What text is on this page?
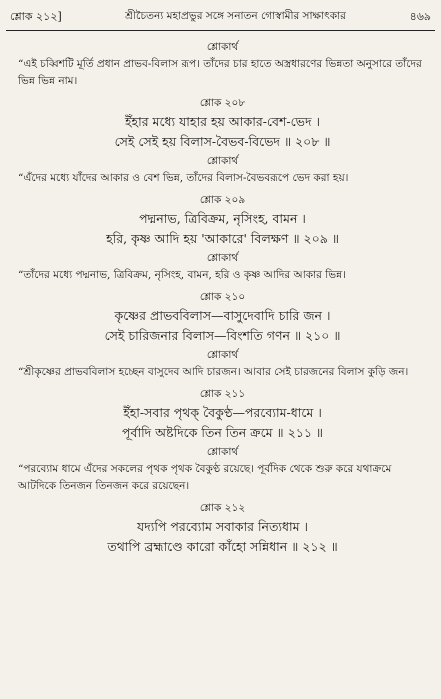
শ্লোক ২১২]	শ্রীচৈতন্য মহাপ্রভুর সঙ্গে সনাতন গোস্বামীর সাক্ষাৎকার	৪৬৯
শ্লোকার্থ
“এই চব্বিশটি মূর্তি প্রধান প্রাভব-বিলাস রূপ। তাঁদের চার হাতে অস্ত্রধারণের ভিন্নতা অনুসারে তাঁদের ভিন্ন ভিন্ন নাম।
শ্লোক ২০৮
ইঁহার মধ্যে যাহার হয় আকার-বেশ-ভেদ ।
সেই সেই হয় বিলাস-বৈভব-বিভেদ ॥ ২০৮ ॥
শ্লোকার্থ
“এঁদের মধ্যে যাঁদের আকার ও বেশ ভিন্ন, তাঁদের বিলাস-বৈভবরূপে ভেদ করা হয়।
শ্লোক ২০৯
পদ্মনাভ, ত্রিবিক্রম, নৃসিংহ, বামন ।
হরি, কৃষ্ণ আদি হয় 'আকারে' বিলক্ষণ ॥ ২০৯ ॥
শ্লোকার্থ
“তাঁদের মধ্যে পদ্মনাভ, ত্রিবিক্রম, নৃসিংহ, বামন, হরি ও কৃষ্ণ আদির আকার ভিন্ন।
শ্লোক ২১০
কৃষ্ণের প্রাভববিলাস—বাসুদেবাদি চারি জন ।
সেই চারিজনার বিলাস—বিংশতি গণন ॥ ২১০ ॥
শ্লোকার্থ
“শ্রীকৃষ্ণের প্রাভববিলাস হচ্ছেন বাসুদেব আদি চারজন। আবার সেই চারজনের বিলাস কুড়ি জন।
শ্লোক ২১১
ইঁহা-সবার পৃথক্ বৈকুণ্ঠ—পরব্যোম-ধামে ।
পূর্বাদি অষ্টদিকে তিন তিন ক্রমে ॥ ২১১ ॥
শ্লোকার্থ
“পরব্যোম ধামে এঁদের সকলের পৃথক পৃথক বৈকুণ্ঠ রয়েছে। পূর্বদিক থেকে শুরু করে যথাক্রমে আটদিকে তিনজন তিনজন করে রয়েছেন।
শ্লোক ২১২
যদ্যপি পরব্যোম সবাকার নিত্যধাম ।
তথাপি ব্রহ্মাণ্ডে কারো কাঁহো সন্নিধান ॥ ২১২ ॥
